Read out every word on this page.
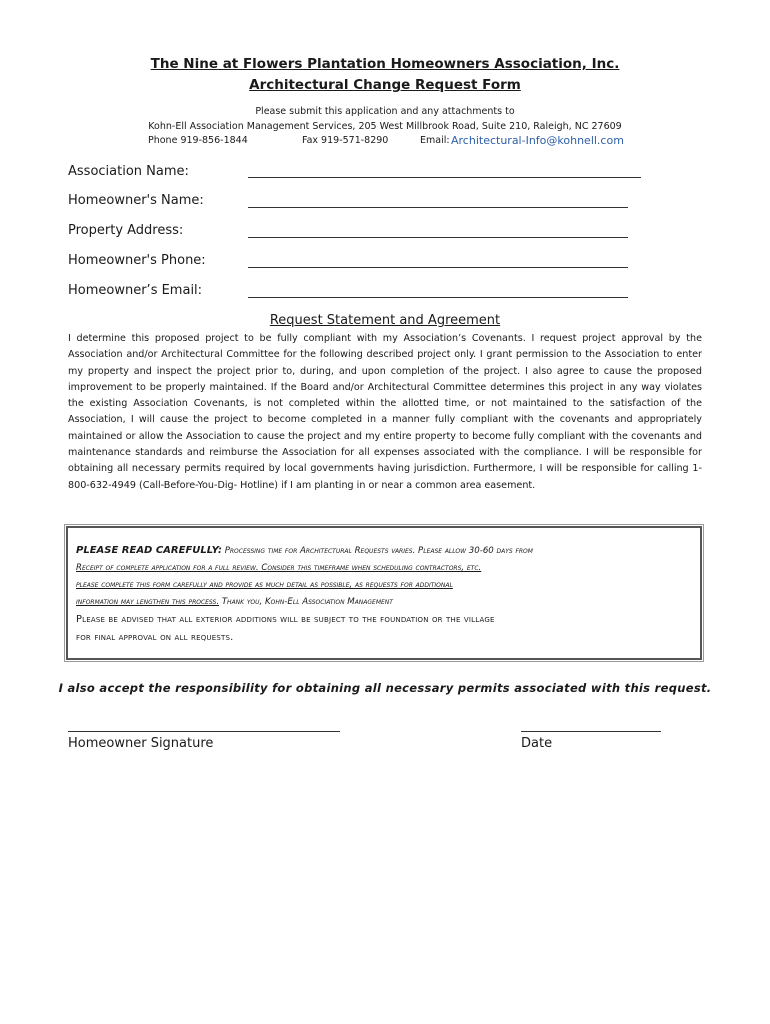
The Nine at Flowers Plantation Homeowners Association, Inc.
Architectural Change Request Form
Please submit this application and any attachments to
Kohn-Ell Association Management Services, 205 West Millbrook Road, Suite 210, Raleigh, NC 27609
Phone 919-856-1844	Fax 919-571-8290	Email: Architectural-Info@kohnell.com
Association Name:
Homeowner's Name:
Property Address:
Homeowner's Phone:
Homeowner’s Email:
Request Statement and Agreement
I determine this proposed project to be fully compliant with my Association’s Covenants. I request project approval by the Association and/or Architectural Committee for the following described project only. I grant permission to the Association to enter my property and inspect the project prior to, during, and upon completion of the project. I also agree to cause the proposed improvement to be properly maintained. If the Board and/or Architectural Committee determines this project in any way violates the existing Association Covenants, is not completed within the allotted time, or not maintained to the satisfaction of the Association, I will cause the project to become completed in a manner fully compliant with the covenants and appropriately maintained or allow the Association to cause the project and my entire property to become fully compliant with the covenants and maintenance standards and reimburse the Association for all expenses associated with the compliance. I will be responsible for obtaining all necessary permits required by local governments having jurisdiction. Furthermore, I will be responsible for calling 1-800-632-4949 (Call-Before-You-Dig- Hotline) if I am planting in or near a common area easement.
PLEASE READ CAREFULLY: Processing time for Architectural Requests varies. Please allow 30-60 days from
Receipt of complete application for a full review. Consider this timeframe when scheduling contractors, etc.
please complete this form carefully and provide as much detail as possible, as requests for additional
information may lengthen this process. Thank you, Kohn-Ell Association Management
Please be advised that all exterior additions will be subject to the foundation or the village
for final approval on all requests.
I also accept the responsibility for obtaining all necessary permits associated with this request.
Homeowner Signature	Date
